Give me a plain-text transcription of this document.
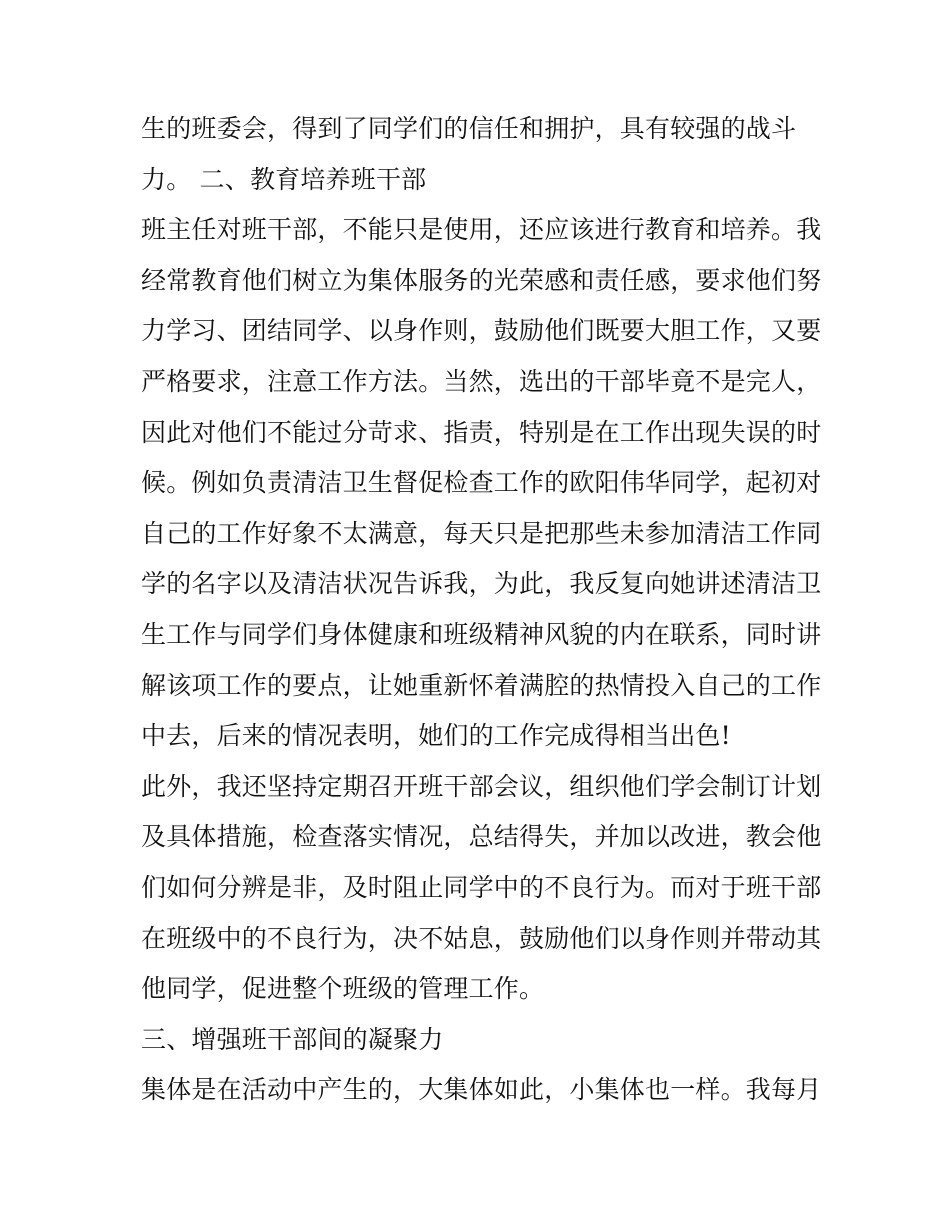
生的班委会，得到了同学们的信任和拥护，具有较强的战斗
力。 二、教育培养班干部
班主任对班干部，不能只是使用，还应该进行教育和培养。我
经常教育他们树立为集体服务的光荣感和责任感，要求他们努
力学习、团结同学、以身作则，鼓励他们既要大胆工作，又要
严格要求，注意工作方法。当然，选出的干部毕竟不是完人，
因此对他们不能过分苛求、指责，特别是在工作出现失误的时
候。例如负责清洁卫生督促检查工作的欧阳伟华同学，起初对
自己的工作好象不太满意，每天只是把那些未参加清洁工作同
学的名字以及清洁状况告诉我，为此，我反复向她讲述清洁卫
生工作与同学们身体健康和班级精神风貌的内在联系，同时讲
解该项工作的要点，让她重新怀着满腔的热情投入自己的工作
中去，后来的情况表明，她们的工作完成得相当出色!
此外，我还坚持定期召开班干部会议，组织他们学会制订计划
及具体措施，检查落实情况，总结得失，并加以改进，教会他
们如何分辨是非，及时阻止同学中的不良行为。而对于班干部
在班级中的不良行为，决不姑息，鼓励他们以身作则并带动其
他同学，促进整个班级的管理工作。
三、增强班干部间的凝聚力
集体是在活动中产生的，大集体如此，小集体也一样。我每月
